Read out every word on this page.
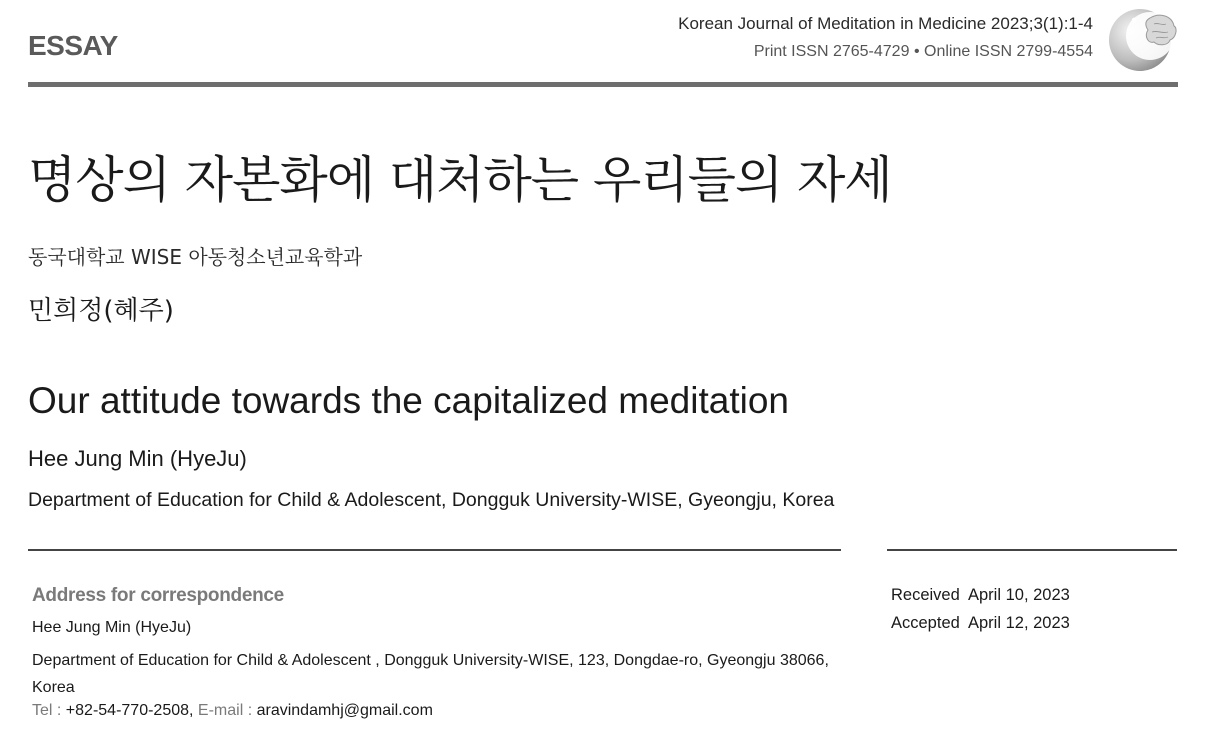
ESSAY
Korean Journal of Meditation in Medicine 2023;3(1):1-4
Print ISSN 2765-4729 • Online ISSN 2799-4554
명상의 자본화에 대처하는 우리들의 자세
동국대학교 WISE 아동청소년교육학과
민희정(혜주)
Our attitude towards the capitalized meditation
Hee Jung Min (HyeJu)
Department of Education for Child & Adolescent, Dongguk University-WISE, Gyeongju, Korea
Address for correspondence
Hee Jung Min (HyeJu)
Department of Education for Child & Adolescent , Dongguk University-WISE, 123, Dongdae-ro, Gyeongju 38066, Korea
Tel : +82-54-770-2508, E-mail : aravindamhj@gmail.com
Received April 10, 2023
Accepted April 12, 2023
